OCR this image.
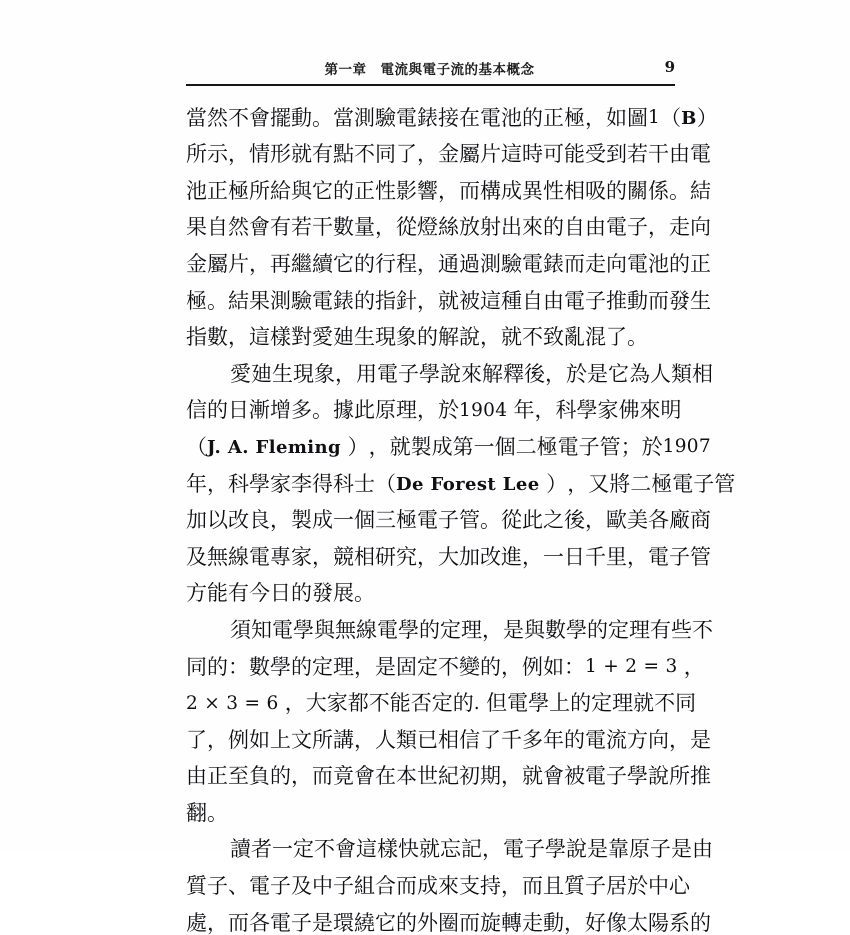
第一章　電流與電子流的基本概念	9
當 然 不 會 擺 動 。 當 測 驗 電 錶 接 在 電 池 的 正 極 ， 如 圖 1 （ B ）
所 示 ， 情 形 就 有 點 不 同 了 ， 金 屬 片 這 時 可 能 受 到 若 干 由 電
池 正 極 所 給 與 它 的 正 性 影 響 ， 而 構 成 異 性 相 吸 的 關 係 。 結
果 自 然 會 有 若 干 數 量 ， 從 燈 絲 放 射 出 來 的 自 由 電 子 ， 走 向
金 屬 片 ， 再 繼 續 它 的 行 程 ， 通 過 測 驗 電 錶 而 走 向 電 池 的 正
極 。 結 果 測 驗 電 錶 的 指 針 ， 就 被 這 種 自 由 電 子 推 動 而 發 生
指 數 ， 這 樣 對 愛 廸 生 現 象 的 解 說 ， 就 不 致 亂 混 了 。
愛 廸 生 現 象 ， 用 電 子 學 說 來 解 釋 後 ， 於 是 它 為 人 類 相
信 的 日 漸 增 多 。 據 此 原 理 ， 於 1904 年 ， 科 學 家 佛 來 明
（ J. A. Fleming ） ， 就 製 成 第 一 個 二 極 電 子 管 ； 於 1907
年 ， 科 學 家 李 得 科 士 （ De Forest Lee ） ， 又 將 二 極 電 子 管
加 以 改 良 ， 製 成 一 個 三 極 電 子 管 。 從 此 之 後 ， 歐 美 各 廠 商
及 無 線 電 專 家 ， 競 相 研 究 ， 大 加 改 進 ， 一 日 千 里 ， 電 子 管
方 能 有 今 日 的 發 展 。
須 知 電 學 與 無 線 電 學 的 定 理 ， 是 與 數 學 的 定 理 有 些 不
同 的 ： 數 學 的 定 理 ， 是 固 定 不 變 的 ， 例 如 ： 1 + 2 = 3 ，
2 × 3 = 6 ， 大 家 都 不 能 否 定 的 . 但 電 學 上 的 定 理 就 不 同
了 ， 例 如 上 文 所 講 ， 人 類 已 相 信 了 千 多 年 的 電 流 方 向 ， 是
由 正 至 負 的 ， 而 竟 會 在 本 世 紀 初 期 ， 就 會 被 電 子 學 說 所 推
翻 。
讀 者 一 定 不 會 這 樣 快 就 忘 記 ， 電 子 學 說 是 靠 原 子 是 由
質 子 、 電 子 及 中 子 組 合 而 成 來 支 持 ， 而 且 質 子 居 於 中 心
處 ， 而 各 電 子 是 環 繞 它 的 外 圈 而 旋 轉 走 動 ， 好 像 太 陽 系 的
